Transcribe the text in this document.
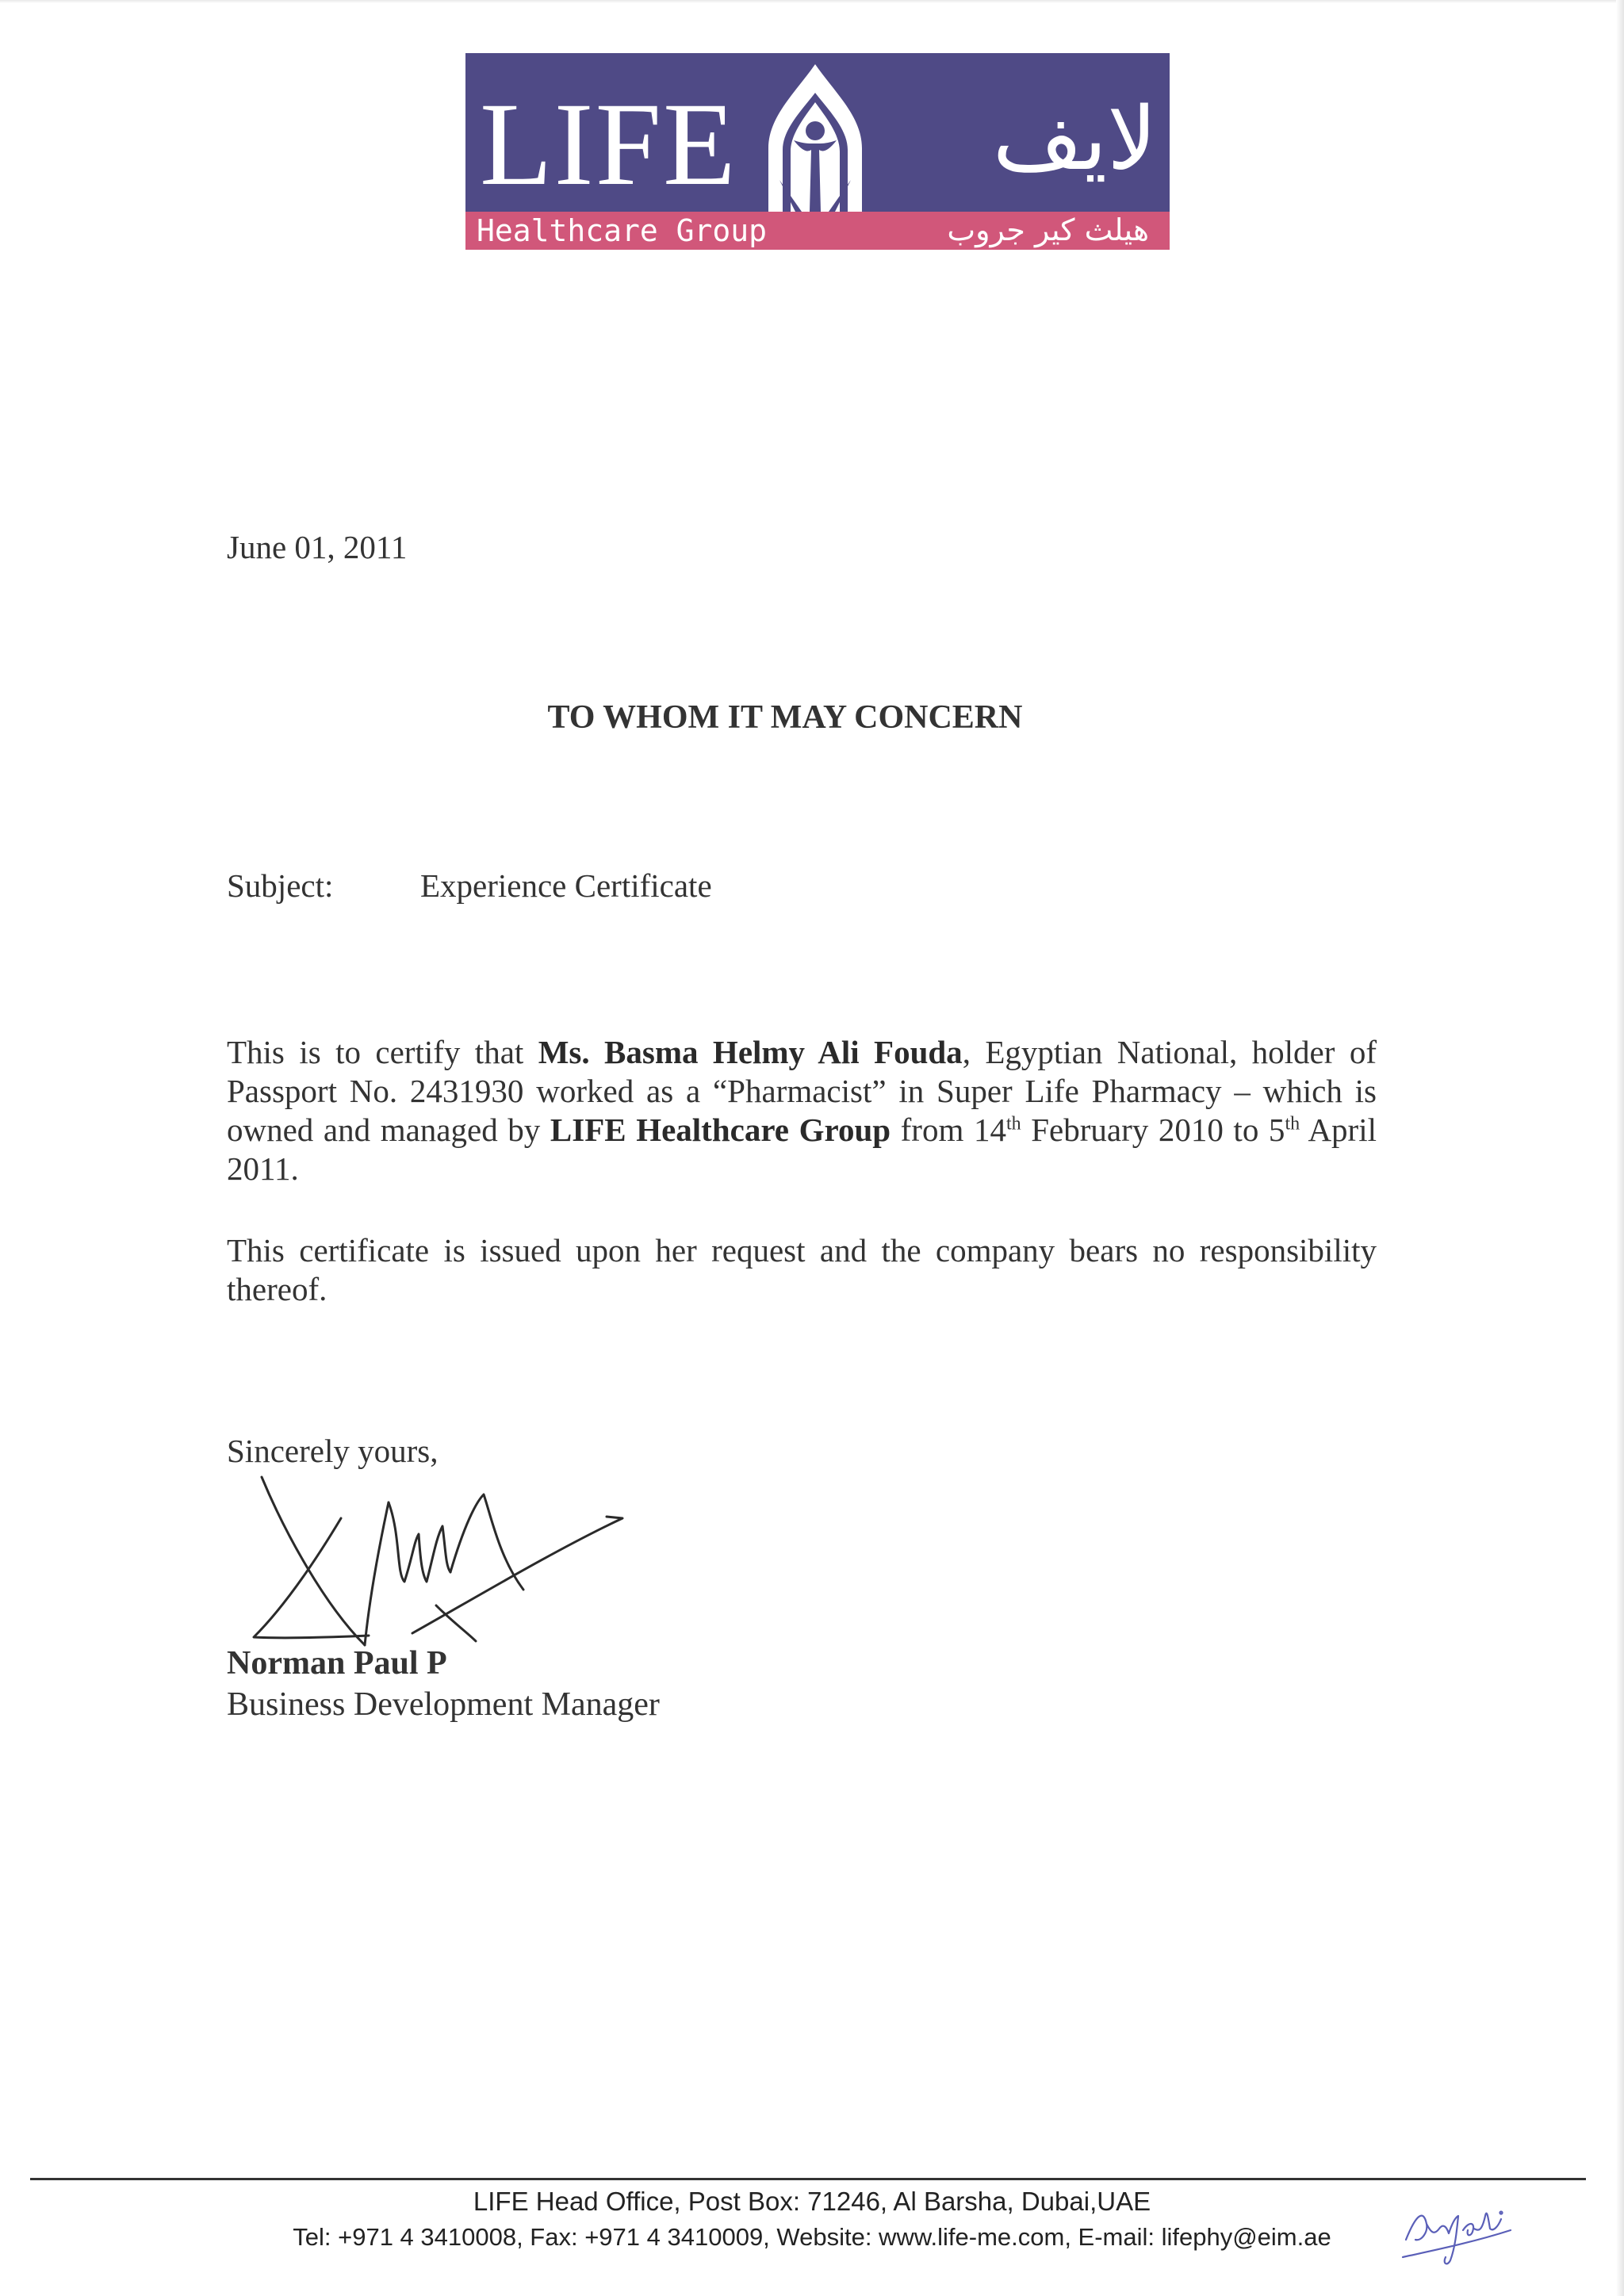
LIFE	لايف
Healthcare Group	هيلث كير جروب
June 01, 2011
TO WHOM IT MAY CONCERN
Subject:	Experience Certificate
This is to certify that Ms. Basma Helmy Ali Fouda, Egyptian National, holder of Passport No. 2431930 worked as a “Pharmacist” in Super Life Pharmacy – which is owned and managed by LIFE Healthcare Group from 14th February 2010 to 5th April 2011.
This certificate is issued upon her request and the company bears no responsibility thereof.
Sincerely yours,
Norman Paul P
Business Development Manager
LIFE Head Office, Post Box: 71246, Al Barsha, Dubai,UAE
Tel: +971 4 3410008, Fax: +971 4 3410009, Website: www.life-me.com, E-mail: lifephy@eim.ae
Anjali
